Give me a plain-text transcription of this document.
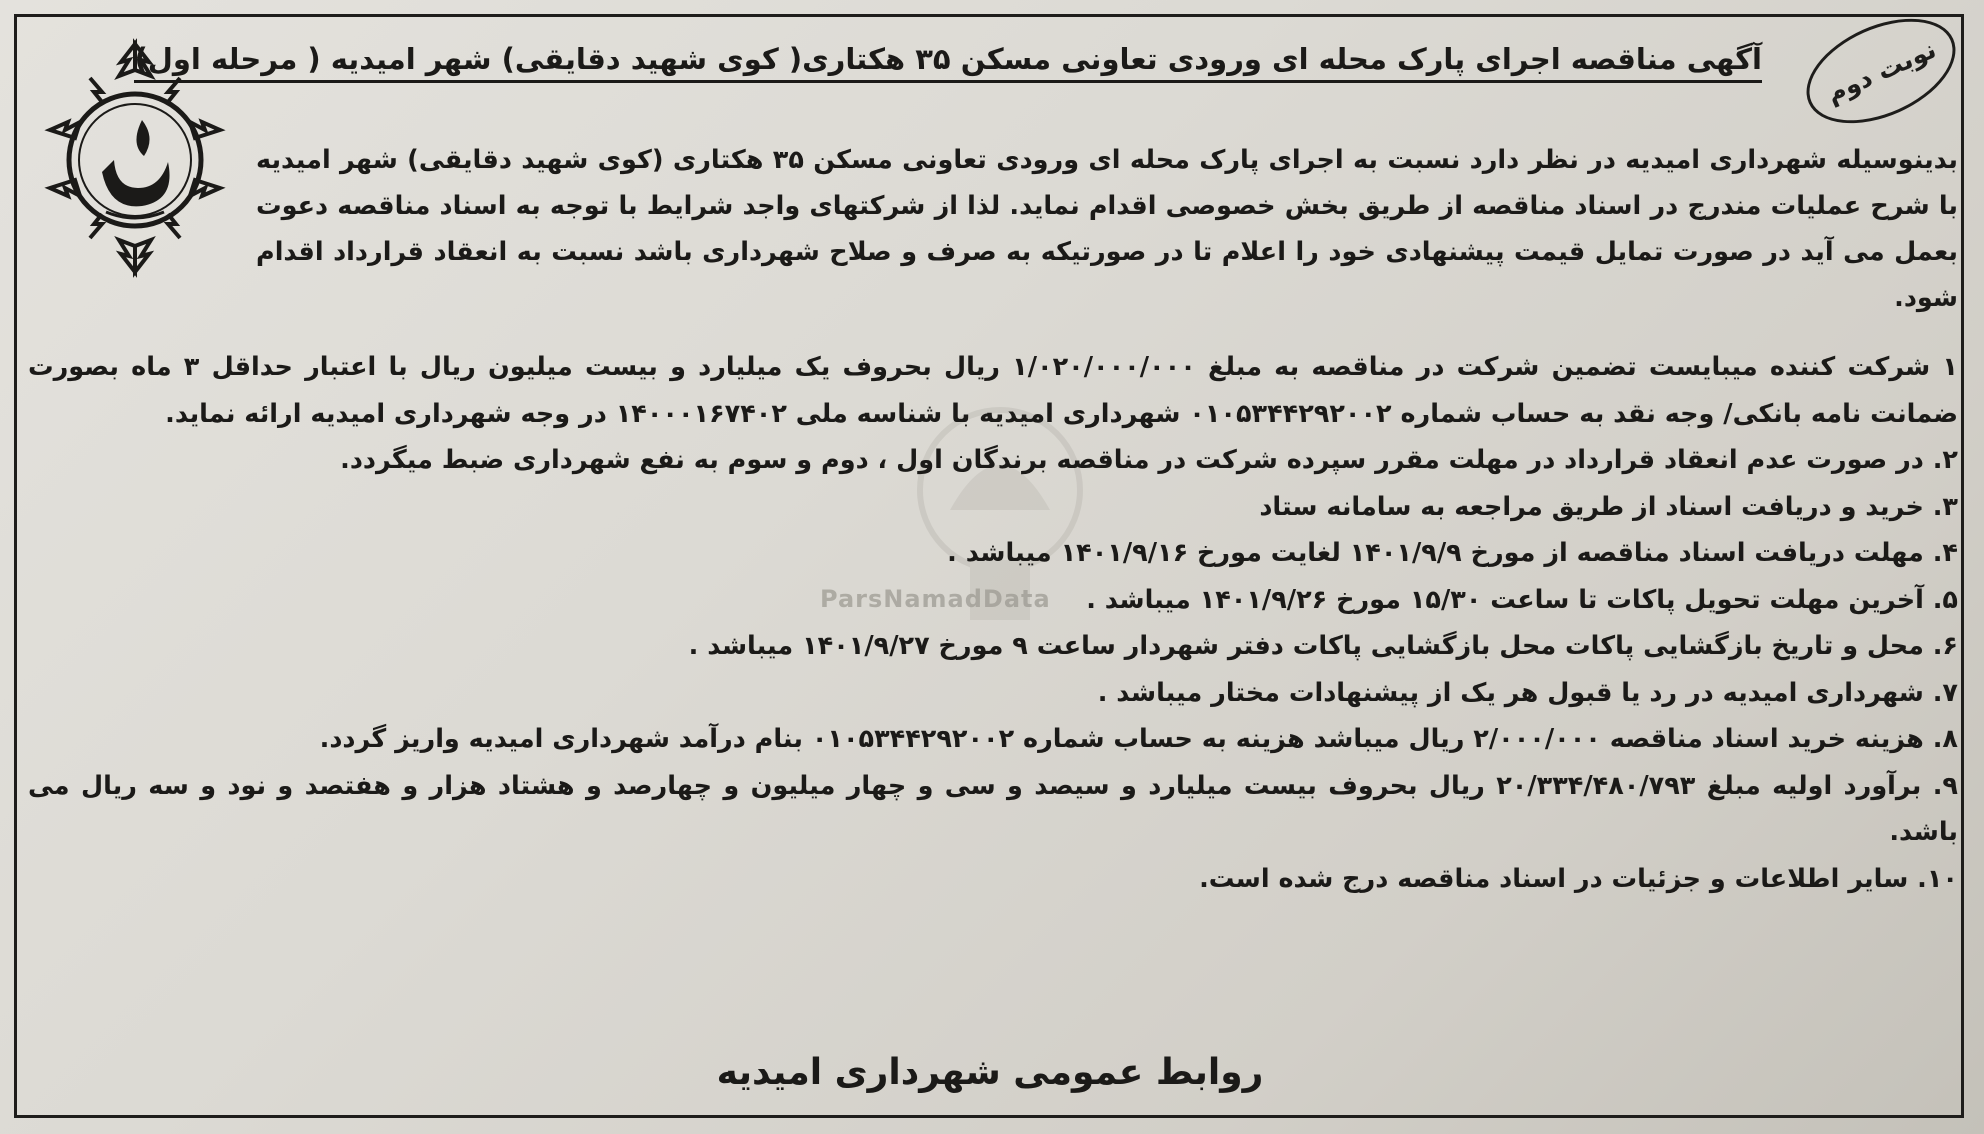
ParsNamadData
نوبت دوم
آگهی مناقصه اجرای پارک محله ای ورودی تعاونی مسکن ۳۵ هکتاری( کوی شهید دقایقی) شهر امیدیه ( مرحله اول)

بدینوسیله شهرداری امیدیه در نظر دارد نسبت به اجرای پارک محله ای ورودی تعاونی مسکن ۳۵ هکتاری (کوی شهید دقایقی) شهر امیدیه با شرح عملیات مندرج در اسناد مناقصه از طریق بخش خصوصی اقدام نماید. لذا از شرکتهای واجد شرایط با توجه به اسناد مناقصه دعوت بعمل می آید در صورت تمایل قیمت پیشنهادی خود را اعلام تا در صورتیکه به صرف و صلاح شهرداری باشد نسبت به انعقاد قرارداد اقدام شود.

۱ شرکت کننده میبایست تضمین شرکت در مناقصه به مبلغ ۱/۰۲۰/۰۰۰/۰۰۰ ریال بحروف یک میلیارد و بیست میلیون ریال با اعتبار حداقل ۳ ماه بصورت ضمانت نامه بانکی/ وجه نقد به حساب شماره ۰۱۰۵۳۴۴۲۹۲۰۰۲ شهرداری امیدیه با شناسه ملی ۱۴۰۰۰۱۶۷۴۰۲ در وجه شهرداری امیدیه ارائه نماید.
۲. در صورت عدم انعقاد قرارداد در مهلت مقرر سپرده شرکت در مناقصه برندگان اول ، دوم و سوم به نفع شهرداری ضبط میگردد.
۳. خرید و دریافت اسناد از طریق مراجعه به سامانه ستاد
۴. مهلت دریافت اسناد مناقصه از مورخ ۱۴۰۱/۹/۹ لغایت مورخ ۱۴۰۱/۹/۱۶ میباشد .
۵. آخرین مهلت تحویل پاکات تا ساعت ۱۵/۳۰ مورخ ۱۴۰۱/۹/۲۶ میباشد .
۶. محل و تاریخ بازگشایی پاکات محل بازگشایی پاکات دفتر شهردار ساعت ۹ مورخ ۱۴۰۱/۹/۲۷ میباشد .
۷. شهرداری امیدیه در رد یا قبول هر یک از پیشنهادات مختار میباشد .
۸. هزینه خرید اسناد مناقصه ۲/۰۰۰/۰۰۰ ریال میباشد هزینه به حساب شماره ۰۱۰۵۳۴۴۲۹۲۰۰۲ بنام درآمد شهرداری امیدیه واریز گردد.
۹. برآورد اولیه مبلغ ۲۰/۳۳۴/۴۸۰/۷۹۳ ریال بحروف بیست میلیارد و سیصد و سی و چهار میلیون و چهارصد و هشتاد هزار و هفتصد و نود و سه ریال می باشد.
۱۰. سایر اطلاعات و جزئیات در اسناد مناقصه درج شده است.
روابط عمومی شهرداری امیدیه
